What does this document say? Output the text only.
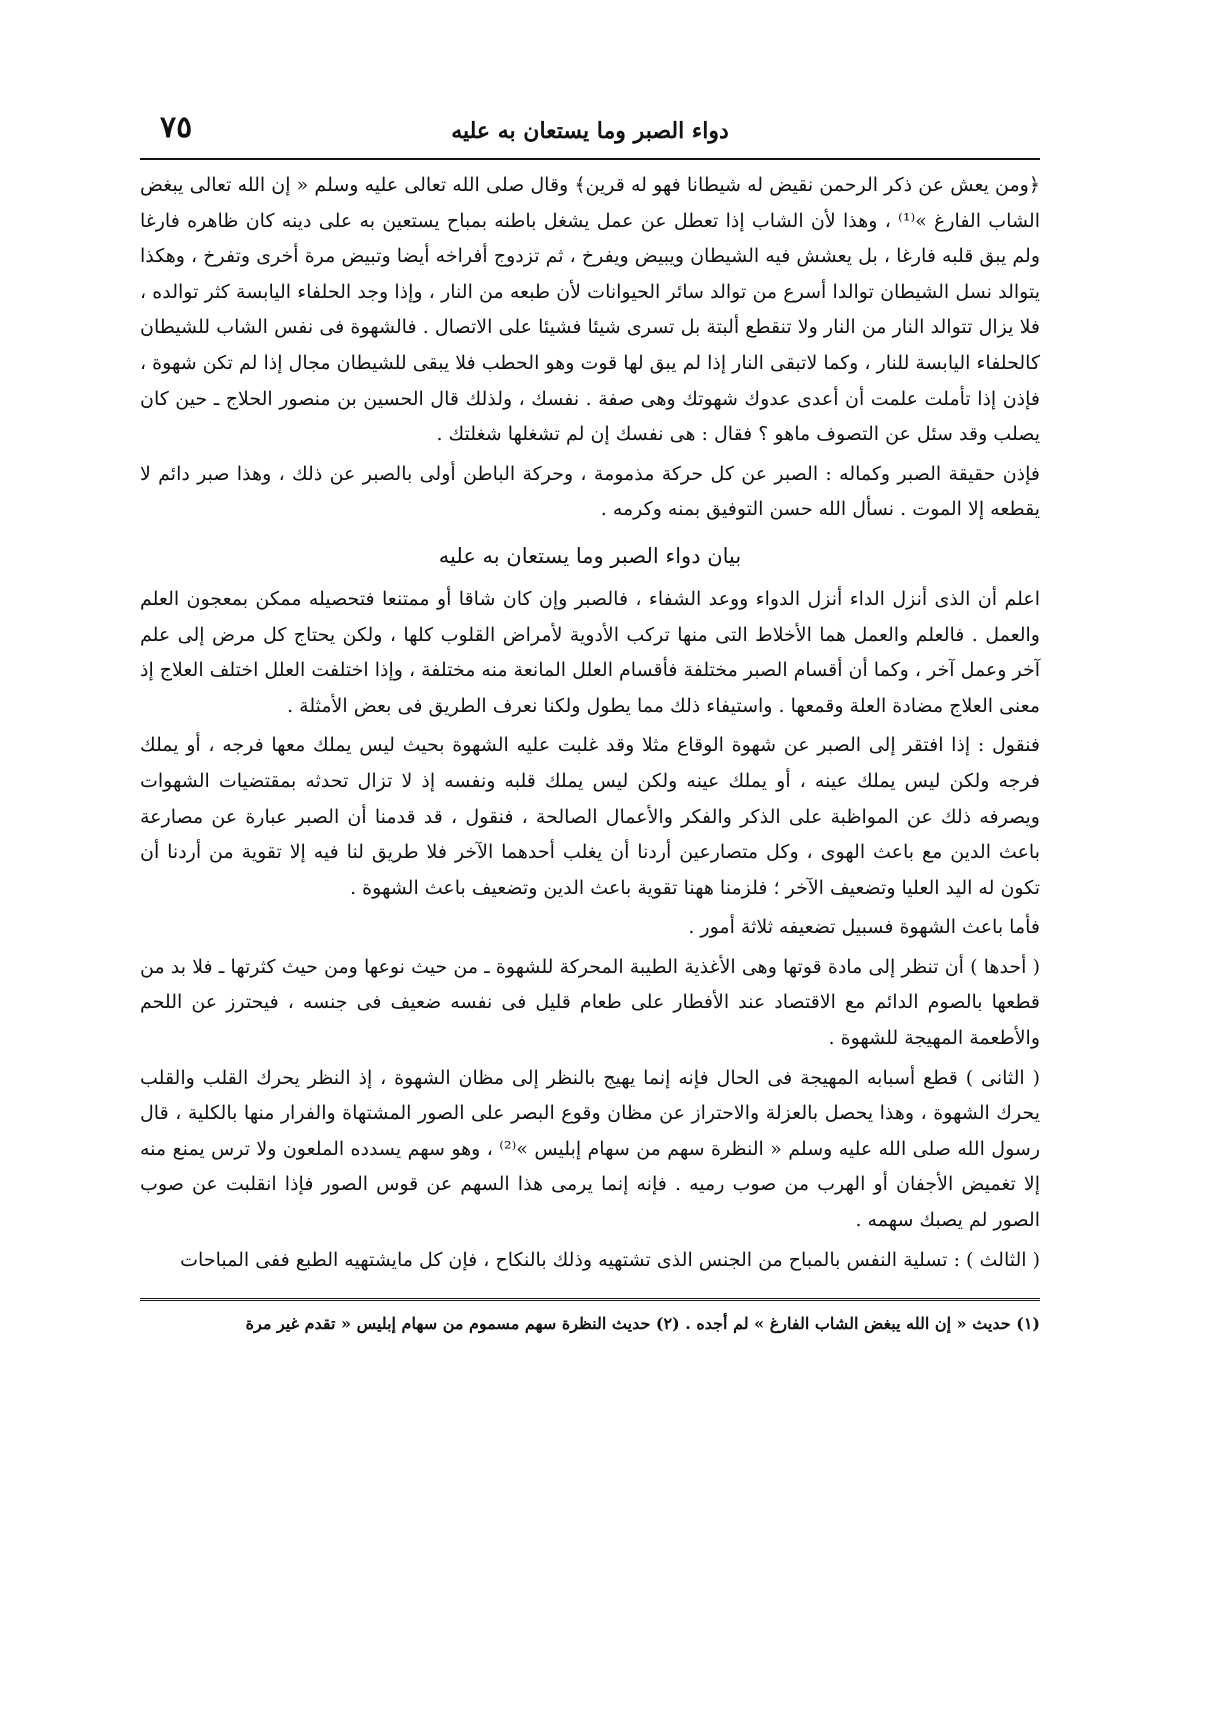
٧٥	دواء الصبر وما يستعان به عليه

﴿ومن يعش عن ذكر الرحمن نقيض له شيطانا فهو له قرين﴾ وقال صلى الله تعالى عليه وسلم « إن الله تعالى يبغض الشاب الفارغ »⁽¹⁾ ، وهذا لأن الشاب إذا تعطل عن عمل يشغل باطنه بمباح يستعين به على دينه كان ظاهره فارغا ولم يبق قلبه فارغا ، بل يعشش فيه الشيطان ويبيض ويفرخ ، ثم تزدوج أفراخه أيضا وتبيض مرة أخرى وتفرخ ، وهكذا يتوالد نسل الشيطان توالدا أسرع من توالد سائر الحيوانات لأن طبعه من النار ، وإذا وجد الحلفاء اليابسة كثر توالده ، فلا يزال تتوالد النار من النار ولا تنقطع ألبتة بل تسرى شيئا فشيئا على الاتصال . فالشهوة فى نفس الشاب للشيطان كالحلفاء اليابسة للنار ، وكما لاتبقى النار إذا لم يبق لها قوت وهو الحطب فلا يبقى للشيطان مجال إذا لم تكن شهوة ، فإذن إذا تأملت علمت أن أعدى عدوك شهوتك وهى صفة . نفسك ، ولذلك قال الحسين بن منصور الحلاج ـ حين كان يصلب وقد سئل عن التصوف ماهو ؟ فقال : هى نفسك إن لم تشغلها شغلتك .

فإذن حقيقة الصبر وكماله : الصبر عن كل حركة مذمومة ، وحركة الباطن أولى بالصبر عن ذلك ، وهذا صبر دائم لا يقطعه إلا الموت . نسأل الله حسن التوفيق بمنه وكرمه .

بيان دواء الصبر وما يستعان به عليه

اعلم أن الذى أنزل الداء أنزل الدواء ووعد الشفاء ، فالصبر وإن كان شاقا أو ممتنعا فتحصيله ممكن بمعجون العلم والعمل . فالعلم والعمل هما الأخلاط التى منها تركب الأدوية لأمراض القلوب كلها ، ولكن يحتاج كل مرض إلى علم آخر وعمل آخر ، وكما أن أقسام الصبر مختلفة فأقسام العلل المانعة منه مختلفة ، وإذا اختلفت العلل اختلف العلاج إذ معنى العلاج مضادة العلة وقمعها . واستيفاء ذلك مما يطول ولكنا نعرف الطريق فى بعض الأمثلة .

فنقول : إذا افتقر إلى الصبر عن شهوة الوقاع مثلا وقد غلبت عليه الشهوة بحيث ليس يملك معها فرجه ، أو يملك فرجه ولكن ليس يملك عينه ، أو يملك عينه ولكن ليس يملك قلبه ونفسه إذ لا تزال تحدثه بمقتضيات الشهوات ويصرفه ذلك عن المواظبة على الذكر والفكر والأعمال الصالحة ، فنقول ، قد قدمنا أن الصبر عبارة عن مصارعة باعث الدين مع باعث الهوى ، وكل متصارعين أردنا أن يغلب أحدهما الآخر فلا طريق لنا فيه إلا تقوية من أردنا أن تكون له اليد العليا وتضعيف الآخر ؛ فلزمنا ههنا تقوية باعث الدين وتضعيف باعث الشهوة .

فأما باعث الشهوة فسبيل تضعيفه ثلاثة أمور .

( أحدها ) أن تنظر إلى مادة قوتها وهى الأغذية الطيبة المحركة للشهوة ـ من حيث نوعها ومن حيث كثرتها ـ فلا بد من قطعها بالصوم الدائم مع الاقتصاد عند الأفطار على طعام قليل فى نفسه ضعيف فى جنسه ، فيحترز عن اللحم والأطعمة المهيجة للشهوة .

( الثانى ) قطع أسبابه المهيجة فى الحال فإنه إنما يهيج بالنظر إلى مظان الشهوة ، إذ النظر يحرك القلب والقلب يحرك الشهوة ، وهذا يحصل بالعزلة والاحتراز عن مظان وقوع البصر على الصور المشتهاة والفرار منها بالكلية ، قال رسول الله صلى الله عليه وسلم « النظرة سهم من سهام إبليس »⁽²⁾ ، وهو سهم يسدده الملعون ولا ترس يمنع منه إلا تغميض الأجفان أو الهرب من صوب رميه . فإنه إنما يرمى هذا السهم عن قوس الصور فإذا انقلبت عن صوب الصور لم يصبك سهمه .

( الثالث ) : تسلية النفس بالمباح من الجنس الذى تشتهيه وذلك بالنكاح ، فإن كل مايشتهيه الطبع ففى المباحات

(١) حديث « إن الله يبغض الشاب الفارغ » لم أجده . (٢) حديث النظرة سهم مسموم من سهام إبليس « تقدم غير مرة
